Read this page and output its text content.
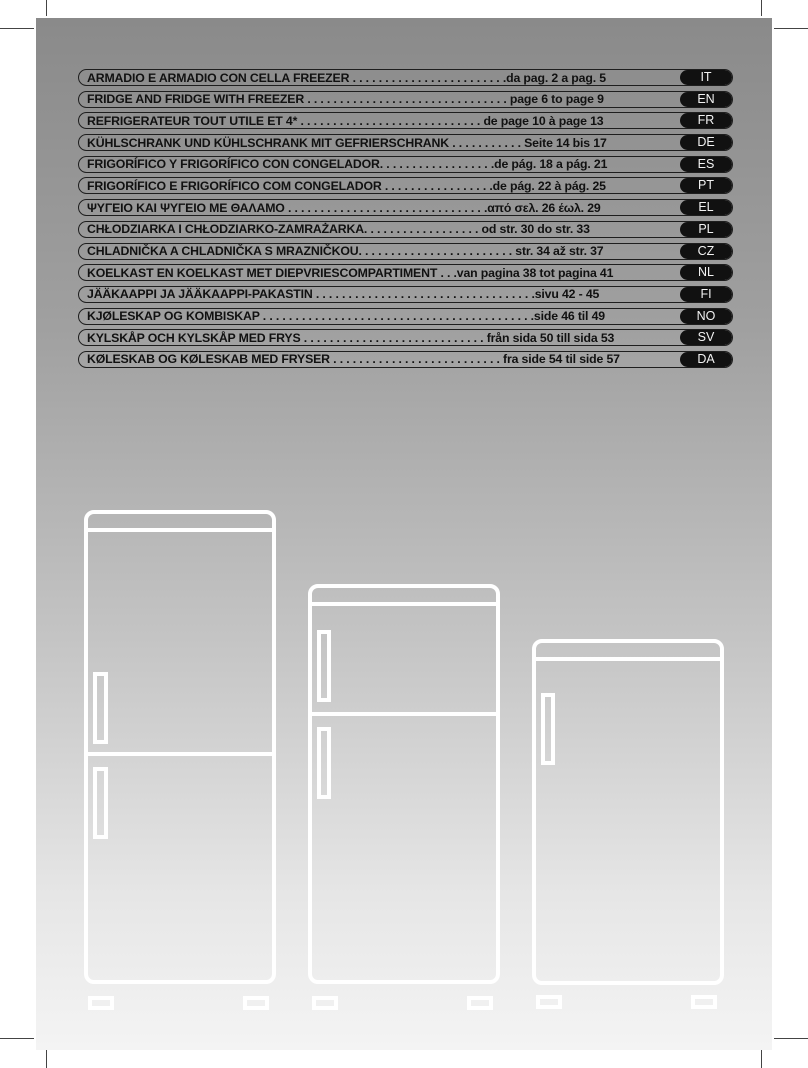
ARMADIO E ARMADIO CON CELLA FREEZER . . . . . . . . . . . . . . . . . . . . . . . .da pag. 2 a pag. 5	IT
FRIDGE AND FRIDGE WITH FREEZER . . . . . . . . . . . . . . . . . . . . . . . . . . . . . . . page 6 to page 9	EN
REFRIGERATEUR TOUT UTILE ET 4* . . . . . . . . . . . . . . . . . . . . . . . . . . . . de page 10 à page 13	FR
KÜHLSCHRANK UND KÜHLSCHRANK MIT GEFRIERSCHRANK . . . . . . . . . . . Seite 14 bis 17	DE
FRIGORÍFICO Y FRIGORÍFICO CON CONGELADOR. . . . . . . . . . . . . . . . . .de pág. 18 a pág. 21	ES
FRIGORÍFICO E FRIGORÍFICO COM CONGELADOR . . . . . . . . . . . . . . . . .de pág. 22 à pág. 25	PT
ΨΥΓΕΙΟ ΚΑΙ ΨΥΓΕΙΟ ΜΕ ΘΑΛΑΜΟ . . . . . . . . . . . . . . . . . . . . . . . . . . . . . . .από σελ. 26 έωλ. 29	EL
CHŁODZIARKA I CHŁODZIARKO-ZAMRAŻARKA. . . . . . . . . . . . . . . . . . od str. 30 do str. 33	PL
CHLADNIČKA A CHLADNIČKA S MRAZNIČKOU. . . . . . . . . . . . . . . . . . . . . . . . str. 34 až str. 37	CZ
KOELKAST EN KOELKAST MET DIEPVRIESCOMPARTIMENT . . .van pagina 38 tot pagina 41	NL
JÄÄKAAPPI JA JÄÄKAAPPI-PAKASTIN . . . . . . . . . . . . . . . . . . . . . . . . . . . . . . . . . .sivu 42 - 45	FI
KJØLESKAP OG KOMBISKAP . . . . . . . . . . . . . . . . . . . . . . . . . . . . . . . . . . . . . . . . . .side 46 til 49	NO
KYLSKÅP OCH KYLSKÅP MED FRYS . . . . . . . . . . . . . . . . . . . . . . . . . . . . från sida 50 till sida 53	SV
KØLESKAB OG KØLESKAB MED FRYSER . . . . . . . . . . . . . . . . . . . . . . . . . . fra side 54 til side 57	DA
